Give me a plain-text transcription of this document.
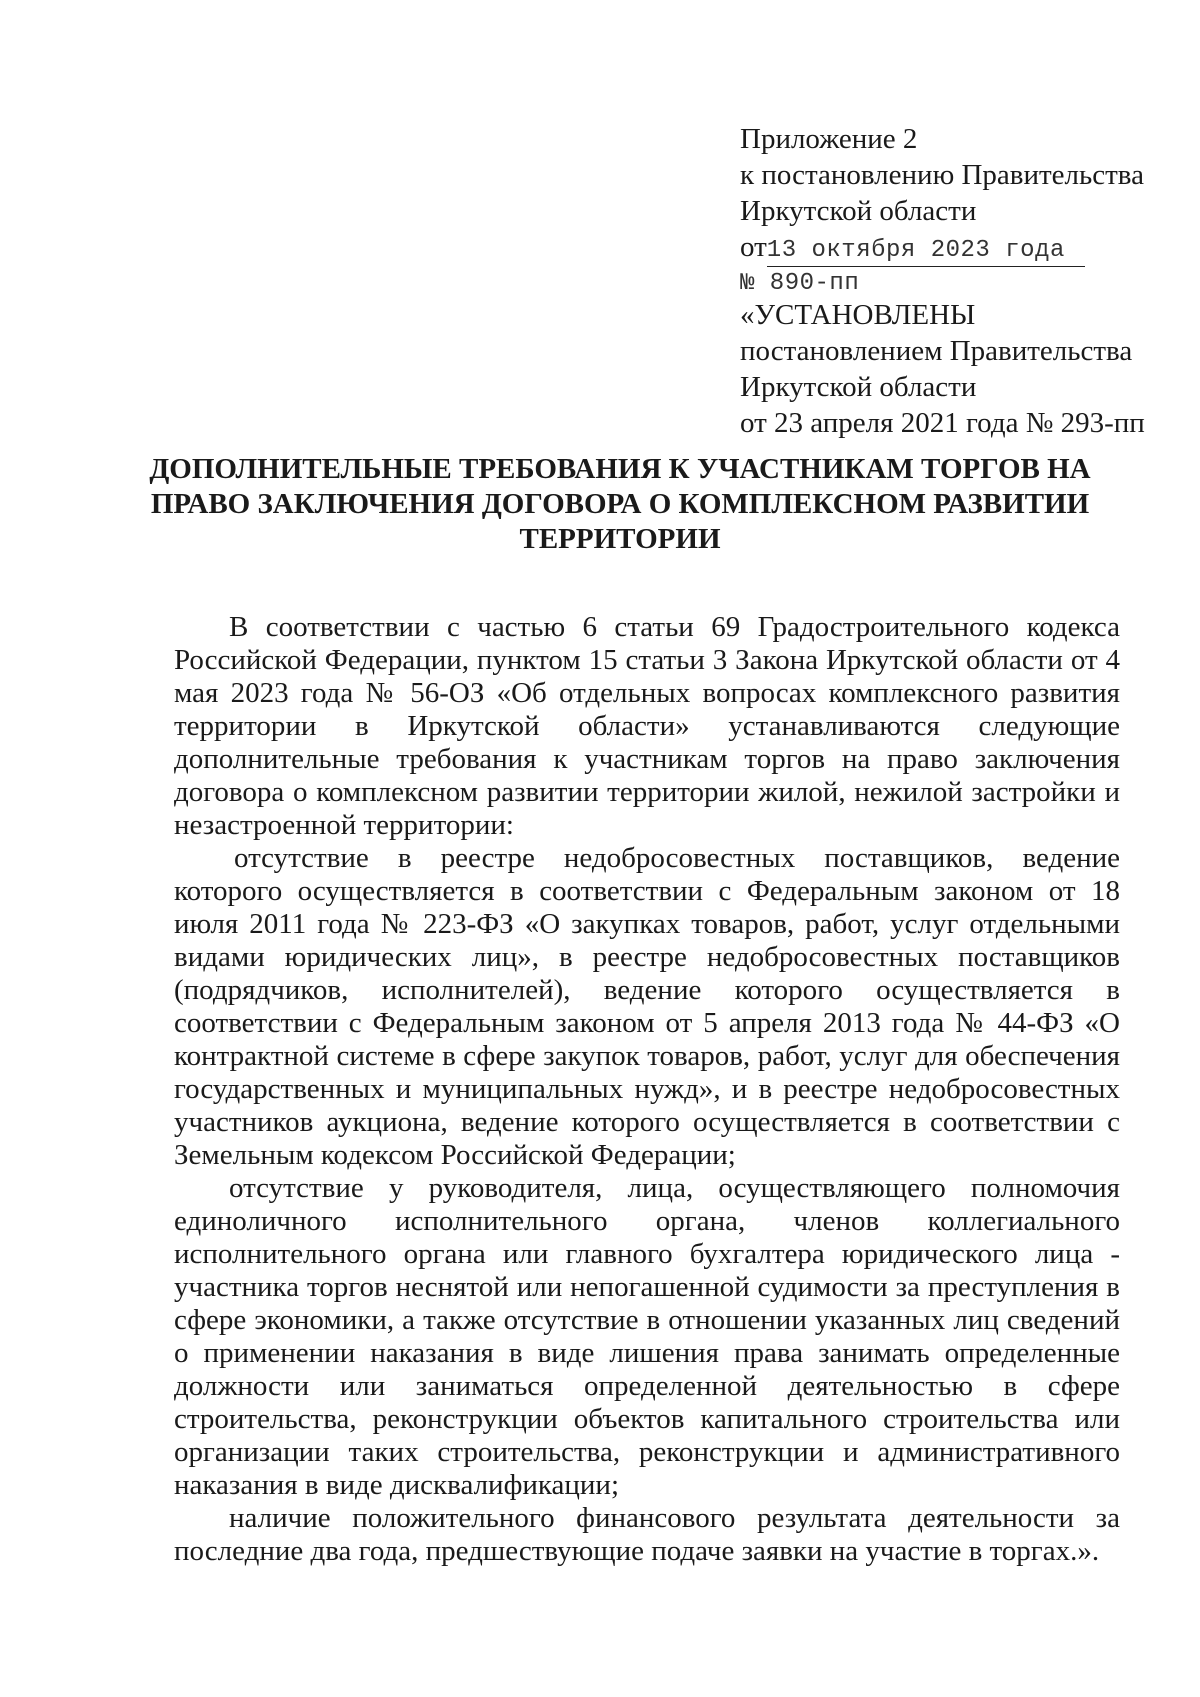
Приложение 2
к постановлению Правительства
Иркутской области
от13 октября 2023 года
№ 890-пп
«УСТАНОВЛЕНЫ
постановлением Правительства
Иркутской области
от 23 апреля 2021 года № 293-пп
ДОПОЛНИТЕЛЬНЫЕ ТРЕБОВАНИЯ К УЧАСТНИКАМ ТОРГОВ НА
ПРАВО ЗАКЛЮЧЕНИЯ ДОГОВОРА О КОМПЛЕКСНОМ РАЗВИТИИ
ТЕРРИТОРИИ

В соответствии с частью 6 статьи 69 Градостроительного кодекса Российской Федерации, пунктом 15 статьи 3 Закона Иркутской области от 4 мая 2023 года № 56-ОЗ «Об отдельных вопросах комплексного развития территории в Иркутской области» устанавливаются следующие дополнительные требования к участникам торгов на право заключения договора о комплексном развитии территории жилой, нежилой застройки и незастроенной территории:

отсутствие в реестре недобросовестных поставщиков, ведение которого осуществляется в соответствии с Федеральным законом от 18 июля 2011 года № 223-ФЗ «О закупках товаров, работ, услуг отдельными видами юридических лиц», в реестре недобросовестных поставщиков (подрядчиков, исполнителей), ведение которого осуществляется в соответствии с Федеральным законом от 5 апреля 2013 года № 44-ФЗ «О контрактной системе в сфере закупок товаров, работ, услуг для обеспечения государственных и муниципальных нужд», и в реестре недобросовестных участников аукциона, ведение которого осуществляется в соответствии с Земельным кодексом Российской Федерации;

отсутствие у руководителя, лица, осуществляющего полномочия единоличного исполнительного органа, членов коллегиального исполнительного органа или главного бухгалтера юридического лица - участника торгов неснятой или непогашенной судимости за преступления в сфере экономики, а также отсутствие в отношении указанных лиц сведений о применении наказания в виде лишения права занимать определенные должности или заниматься определенной деятельностью в сфере строительства, реконструкции объектов капитального строительства или организации таких строительства, реконструкции и административного наказания в виде дисквалификации;

наличие положительного финансового результата деятельности за последние два года, предшествующие подаче заявки на участие в торгах.».
